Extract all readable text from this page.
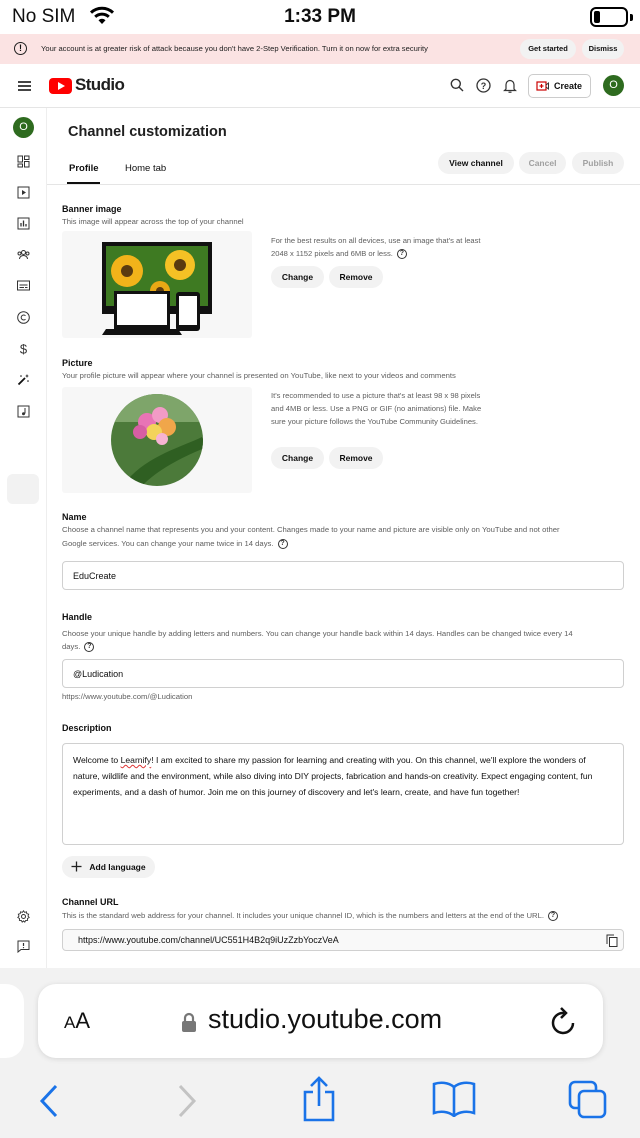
No SIM	1:33 PM
!	Your account is at greater risk of attack because you don't have 2-Step Verification. Turn it on now for extra security	Get started	Dismiss
Studio	?	Create	O
O
$
Channel customization
Profile	Home tab	View channel	Cancel	Publish
Banner image
This image will appear across the top of your channel
For the best results on all devices, use an image that's at least 2048 x 1152 pixels and 6MB or less. ?
Change	Remove
Picture
Your profile picture will appear where your channel is presented on YouTube, like next to your videos and comments
It's recommended to use a picture that's at least 98 x 98 pixels and 4MB or less. Use a PNG or GIF (no animations) file. Make sure your picture follows the YouTube Community Guidelines.
Change	Remove
Name
Choose a channel name that represents you and your content. Changes made to your name and picture are visible only on YouTube and not other
Google services. You can change your name twice in 14 days. ?
EduCreate
Handle
Choose your unique handle by adding letters and numbers. You can change your handle back within 14 days. Handles can be changed twice every 14
days. ?
@Ludication
https://www.youtube.com/@Ludication
Description
Welcome to Learnify! I am excited to share my passion for learning and creating with you. On this channel, we'll explore the wonders of nature, wildlife and the environment, while also diving into DIY projects, fabrication and hands-on creativity. Expect engaging content, fun experiments, and a dash of humor. Join me on this journey of discovery and let's learn, create, and have fun together!
Add language
Channel URL
This is the standard web address for your channel. It includes your unique channel ID, which is the numbers and letters at the end of the URL. ?
https://www.youtube.com/channel/UC551H4B2q9iUzZzbYoczVeA
AA	studio.youtube.com
